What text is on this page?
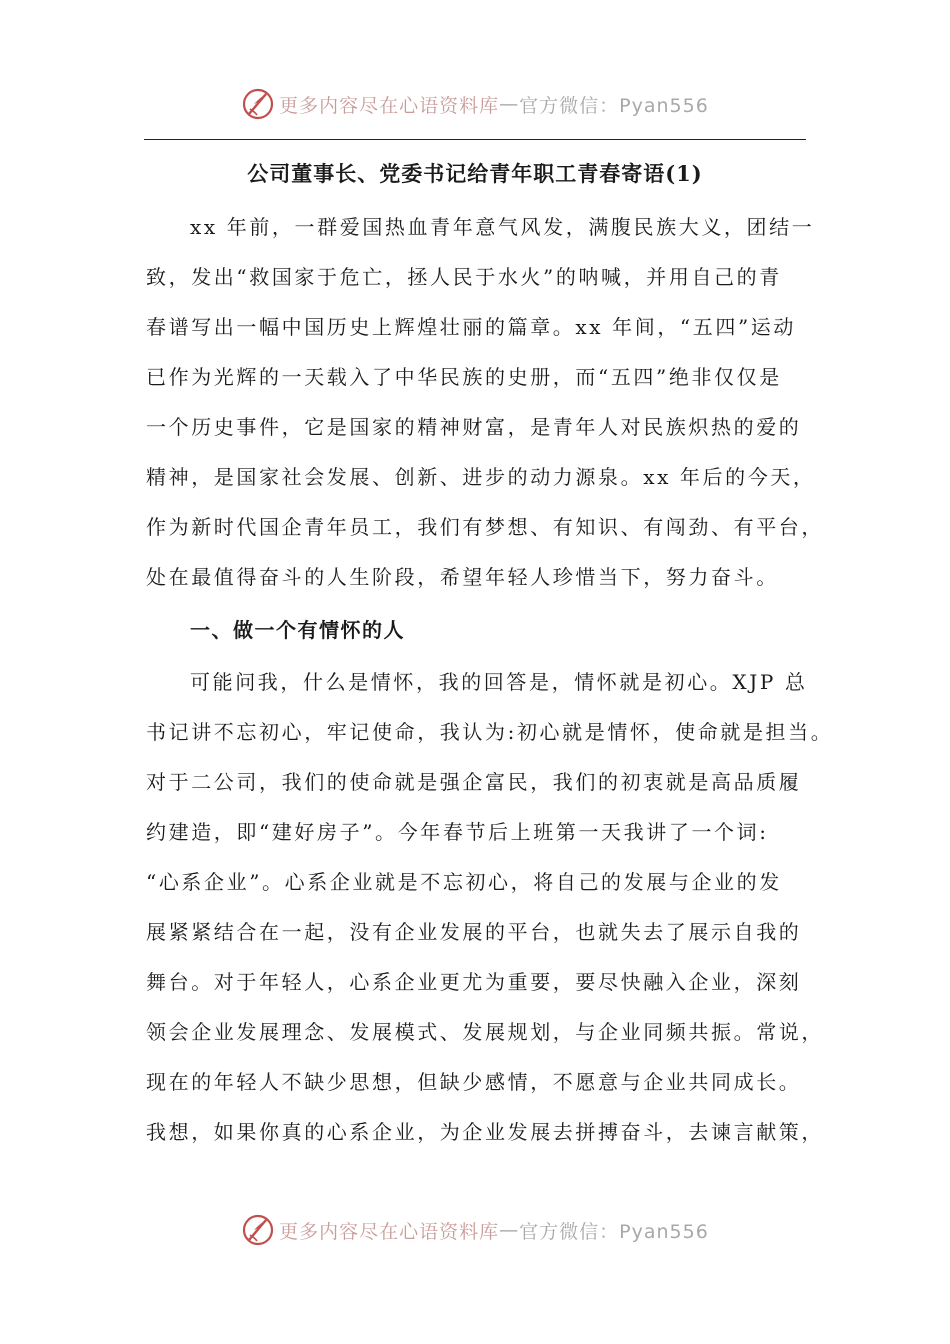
更多内容尽在心语资料库 — 官方微信：Pyan556
公司董事长、党委书记给青年职工青春寄语(1)
xx 年前，一群爱国热血青年意气风发，满腹民族大义，团结一
致，发出“救国家于危亡，拯人民于水火”的呐喊，并用自己的青
春谱写出一幅中国历史上辉煌壮丽的篇章。xx 年间，“五四”运动
已作为光辉的一天载入了中华民族的史册，而“五四”绝非仅仅是
一个历史事件，它是国家的精神财富，是青年人对民族炽热的爱的
精神，是国家社会发展、创新、进步的动力源泉。xx 年后的今天，
作为新时代国企青年员工，我们有梦想、有知识、有闯劲、有平台，
处在最值得奋斗的人生阶段，希望年轻人珍惜当下，努力奋斗。
一、做一个有情怀的人
可能问我，什么是情怀，我的回答是，情怀就是初心。XJP 总
书记讲不忘初心，牢记使命，我认为:初心就是情怀，使命就是担当。
对于二公司，我们的使命就是强企富民，我们的初衷就是高品质履
约建造，即“建好房子”。今年春节后上班第一天我讲了一个词:
“心系企业”。心系企业就是不忘初心，将自己的发展与企业的发
展紧紧结合在一起，没有企业发展的平台，也就失去了展示自我的
舞台。对于年轻人，心系企业更尤为重要，要尽快融入企业，深刻
领会企业发展理念、发展模式、发展规划，与企业同频共振。常说，
现在的年轻人不缺少思想，但缺少感情，不愿意与企业共同成长。
我想，如果你真的心系企业，为企业发展去拼搏奋斗，去谏言献策，
更多内容尽在心语资料库 — 官方微信：Pyan556
